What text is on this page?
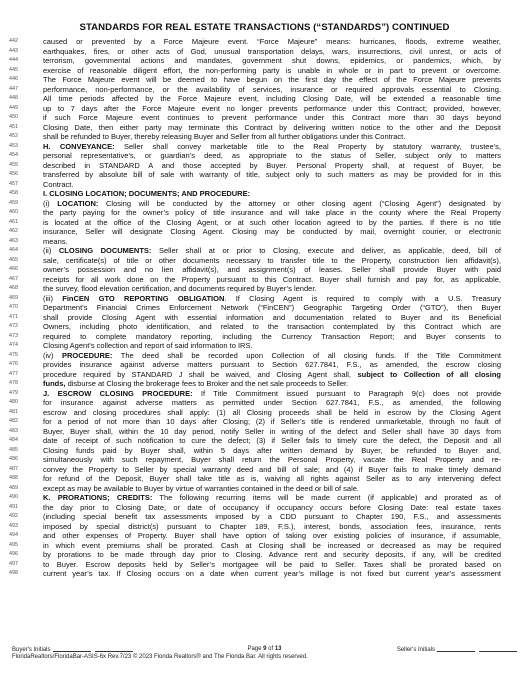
STANDARDS FOR REAL ESTATE TRANSACTIONS (“STANDARDS”) CONTINUED
442	caused or prevented by a Force Majeure event. “Force Majeure” means: hurricanes, floods, extreme weather,
443	earthquakes, fires, or other acts of God, unusual transportation delays, wars, insurrections, civil unrest, or acts of
444	terrorism, governmental actions and mandates, government shut downs, epidemics, or pandemics, which, by
445	exercise of reasonable diligent effort, the non-performing party is unable in whole or in part to prevent or overcome.
446	The Force Majeure event will be deemed to have begun on the first day the effect of the Force Majeure prevents
447	performance, non-performance, or the availability of services, insurance or required approvals essential to Closing.
448	All time periods affected by the Force Majeure event, including Closing Date, will be extended a reasonable time
449	up to 7 days after the Force Majeure event no longer prevents performance under this Contract; provided, however,
450	if such Force Majeure event continues to prevent performance under this Contract more than 30 days beyond
451	Closing Date, then either party may terminate this Contract by delivering written notice to the other and the Deposit
452	shall be refunded to Buyer, thereby releasing Buyer and Seller from all further obligations under this Contract.
453	H. CONVEYANCE: Seller shall convey marketable title to the Real Property by statutory warranty, trustee’s,
454	personal representative’s, or guardian’s deed, as appropriate to the status of Seller, subject only to matters
455	described in STANDARD A and those accepted by Buyer. Personal Property shall, at request of Buyer, be
456	transferred by absolute bill of sale with warranty of title, subject only to such matters as may be provided for in this
457	Contract.
458	I. CLOSING LOCATION; DOCUMENTS; AND PROCEDURE:
459	(i) LOCATION: Closing will be conducted by the attorney or other closing agent (“Closing Agent”) designated by
460	the party paying for the owner’s policy of title insurance and will take place in the county where the Real Property
461	is located at the office of the Closing Agent, or at such other location agreed to by the parties. If there is no title
462	insurance, Seller will designate Closing Agent. Closing may be conducted by mail, overnight courier, or electronic
463	means.
464	(ii) CLOSING DOCUMENTS: Seller shall at or prior to Closing, execute and deliver, as applicable, deed, bill of
465	sale, certificate(s) of title or other documents necessary to transfer title to the Property, construction lien affidavit(s),
466	owner’s possession and no lien affidavit(s), and assignment(s) of leases. Seller shall provide Buyer with paid
467	receipts for all work done on the Property pursuant to this Contract. Buyer shall furnish and pay for, as applicable,
468	the survey, flood elevation certification, and documents required by Buyer’s lender.
469	(iii) FinCEN GTO REPORTING OBLIGATION. If Closing Agent is required to comply with a U.S. Treasury
470	Department’s Financial Crimes Enforcement Network (“FinCEN”) Geographic Targeting Order (“GTO”), then Buyer
471	shall provide Closing Agent with essential information and documentation related to Buyer and its Beneficial
472	Owners, including photo identification, and related to the transaction contemplated by this Contract which are
473	required to complete mandatory reporting, including the Currency Transaction Report; and Buyer consents to
474	Closing Agent’s collection and report of said information to IRS.
475	(iv) PROCEDURE: The deed shall be recorded upon Collection of all closing funds. If the Title Commitment
476	provides insurance against adverse matters pursuant to Section 627.7841, F.S., as amended, the escrow closing
477	procedure required by STANDARD J shall be waived, and Closing Agent shall, subject to Collection of all closing
478	funds, disburse at Closing the brokerage fees to Broker and the net sale proceeds to Seller.
479	J. ESCROW CLOSING PROCEDURE: If Title Commitment issued pursuant to Paragraph 9(c) does not provide
480	for insurance against adverse matters as permitted under Section 627.7841, F.S., as amended, the following
481	escrow and closing procedures shall apply: (1) all Closing proceeds shall be held in escrow by the Closing Agent
482	for a period of not more than 10 days after Closing; (2) if Seller’s title is rendered unmarketable, through no fault of
483	Buyer, Buyer shall, within the 10 day period, notify Seller in writing of the defect and Seller shall have 30 days from
484	date of receipt of such notification to cure the defect; (3) if Seller fails to timely cure the defect, the Deposit and all
485	Closing funds paid by Buyer shall, within 5 days after written demand by Buyer, be refunded to Buyer and,
486	simultaneously with such repayment, Buyer shall return the Personal Property, vacate the Real Property and re-
487	convey the Property to Seller by special warranty deed and bill of sale; and (4) if Buyer fails to make timely demand
488	for refund of the Deposit, Buyer shall take title as is, waiving all rights against Seller as to any intervening defect
489	except as may be available to Buyer by virtue of warranties contained in the deed or bill of sale.
490	K. PRORATIONS; CREDITS: The following recurring items will be made current (if applicable) and prorated as of
491	the day prior to Closing Date, or date of occupancy if occupancy occurs before Closing Date: real estate taxes
492	(including special benefit tax assessments imposed by a CDD pursuant to Chapter 190, F.S., and assessments
493	imposed by special district(s) pursuant to Chapter 189, F.S.), interest, bonds, association fees, insurance, rents
494	and other expenses of Property. Buyer shall have option of taking over existing policies of insurance, if assumable,
495	in which event premiums shall be prorated. Cash at Closing shall be increased or decreased as may be required
496	by prorations to be made through day prior to Closing. Advance rent and security deposits, if any, will be credited
497	to Buyer. Escrow deposits held by Seller’s mortgagee will be paid to Seller. Taxes shall be prorated based on
498	current year’s tax. If Closing occurs on a date when current year’s millage is not fixed but current year’s assessment
Buyer's Initials	Page 9 of 13	Seller's Initials
FloridaRealtors/FloridaBar-ASIS-6x Rev.7/23 © 2023 Florida Realtors® and The Florida Bar. All rights reserved.
